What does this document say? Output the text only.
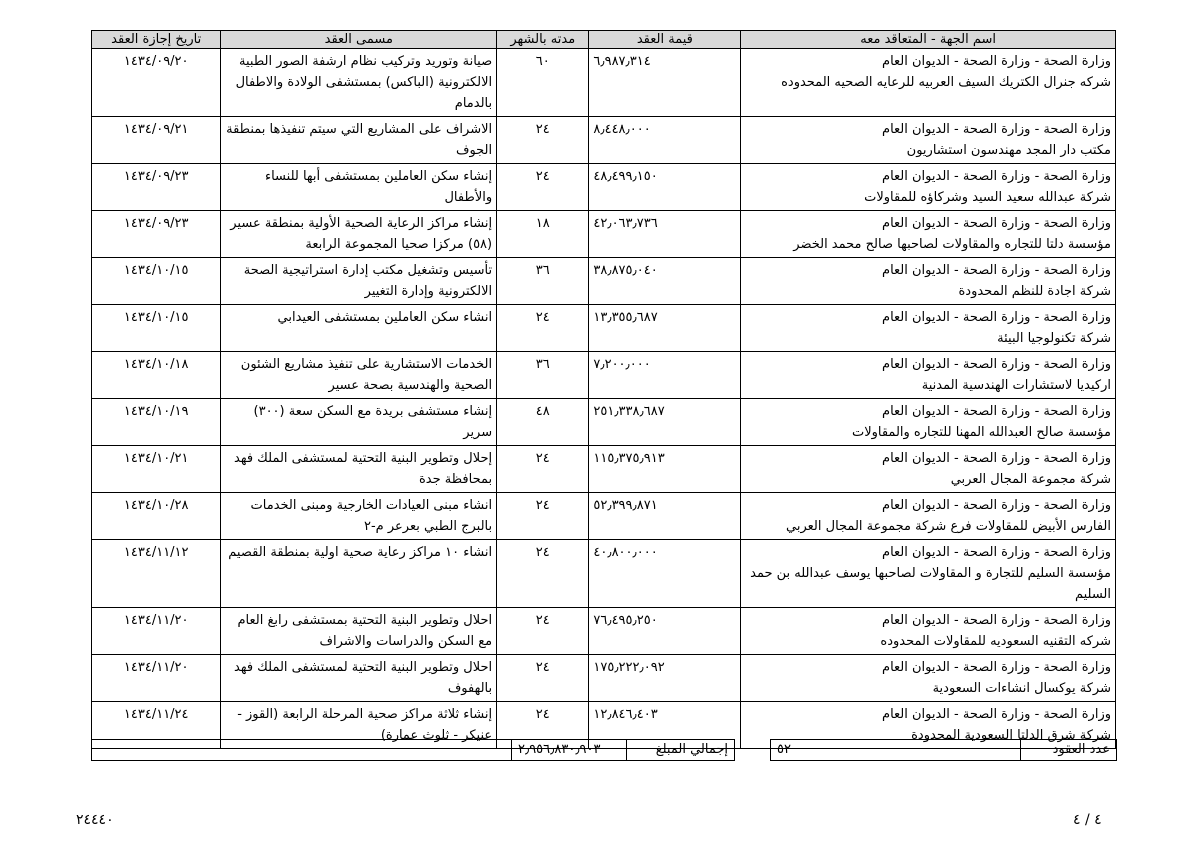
اسم الجهة - المتعاقد معه	قيمة العقد	مدته بالشهر	مسمى العقد	تاريخ إجازة العقد

وزارة الصحة - وزارة الصحة - الديوان العام
شركه جنرال الكتريك السيف العربيه للرعايه الصحيه المحدوده	٦٫٩٨٧٫٣١٤	٦٠	صيانة وتوريد وتركيب نظام ارشفة الصور الطبية الالكترونية (الباكس) بمستشفى الولادة والاطفال بالدمام	١٤٣٤/٠٩/٢٠

وزارة الصحة - وزارة الصحة - الديوان العام
مكتب دار المجد مهندسون استشاريون	٨٫٤٤٨٫٠٠٠	٢٤	الاشراف على المشاريع التي سيتم تنفيذها بمنطقة الجوف	١٤٣٤/٠٩/٢١

وزارة الصحة - وزارة الصحة - الديوان العام
شركة عبدالله سعيد السيد وشركاؤه للمقاولات	٤٨٫٤٩٩٫١٥٠	٢٤	إنشاء سكن العاملين بمستشفى أبها للنساء والأطفال	١٤٣٤/٠٩/٢٣

وزارة الصحة - وزارة الصحة - الديوان العام
مؤسسة دلتا للتجاره والمقاولات لصاحبها صالح محمد الخضر	٤٢٫٠٦٣٫٧٣٦	١٨	إنشاء مراكز الرعاية الصحية الأولية بمنطقة عسير (٥٨) مركزا صحيا المجموعة الرابعة	١٤٣٤/٠٩/٢٣

وزارة الصحة - وزارة الصحة - الديوان العام
شركة اجادة للنظم المحدودة	٣٨٫٨٧٥٫٠٤٠	٣٦	تأسيس وتشغيل مكتب إدارة استراتيجية الصحة الالكترونية وإدارة التغيير	١٤٣٤/١٠/١٥

وزارة الصحة - وزارة الصحة - الديوان العام
شركة تكنولوجيا البيئة	١٣٫٣٥٥٫٦٨٧	٢٤	انشاء سكن العاملين بمستشفى العيدابي	١٤٣٤/١٠/١٥

وزارة الصحة - وزارة الصحة - الديوان العام
اركيديا لاستشارات الهندسية المدنية	٧٫٢٠٠٫٠٠٠	٣٦	الخدمات الاستشارية على تنفيذ مشاريع الشئون الصحية والهندسية بصحة عسير	١٤٣٤/١٠/١٨

وزارة الصحة - وزارة الصحة - الديوان العام
مؤسسة صالح العبدالله المهنا للتجاره والمقاولات	٢٥١٫٣٣٨٫٦٨٧	٤٨	إنشاء مستشفى بريدة مع السكن سعة (٣٠٠) سرير	١٤٣٤/١٠/١٩

وزارة الصحة - وزارة الصحة - الديوان العام
شركة مجموعة المجال العربي	١١٥٫٣٧٥٫٩١٣	٢٤	إحلال وتطوير البنية التحتية لمستشفى الملك فهد بمحافظة جدة	١٤٣٤/١٠/٢١

وزارة الصحة - وزارة الصحة - الديوان العام
الفارس الأبيض للمقاولات فرع شركة مجموعة المجال العربي	٥٢٫٣٩٩٫٨٧١	٢٤	انشاء مبنى العيادات الخارجية ومبنى الخدمات بالبرج الطبي بعرعر م-٢	١٤٣٤/١٠/٢٨

وزارة الصحة - وزارة الصحة - الديوان العام
مؤسسة السليم للتجارة و المقاولات لصاحبها يوسف عبدالله بن حمد السليم	٤٠٫٨٠٠٫٠٠٠	٢٤	انشاء ١٠ مراكز رعاية صحية اولية بمنطقة القصيم	١٤٣٤/١١/١٢

وزارة الصحة - وزارة الصحة - الديوان العام
شركه التقنيه السعوديه للمقاولات المحدوده	٧٦٫٤٩٥٫٢٥٠	٢٤	احلال وتطوير البنية التحتية بمستشفى رابغ العام مع السكن والدراسات والاشراف	١٤٣٤/١١/٢٠

وزارة الصحة - وزارة الصحة - الديوان العام
شركة يوكسال انشاءات السعودية	١٧٥٫٢٢٢٫٠٩٢	٢٤	احلال وتطوير البنية التحتية لمستشفى الملك فهد بالهفوف	١٤٣٤/١١/٢٠

وزارة الصحة - وزارة الصحة - الديوان العام
شركة شرق الدلتا السعودية المحدودة	١٢٫٨٤٦٫٤٠٣	٢٤	إنشاء ثلاثة مراكز صحية المرحلة الرابعة (القوز - عنيكر - ثلوث عمارة)	١٤٣٤/١١/٢٤
عدد العقود	٥٢		إجمالي المبلغ	٢٫٩٥٦٫٨٣٠٫٩٠٣	
٤ / ٤
٢٤٤٤٠
